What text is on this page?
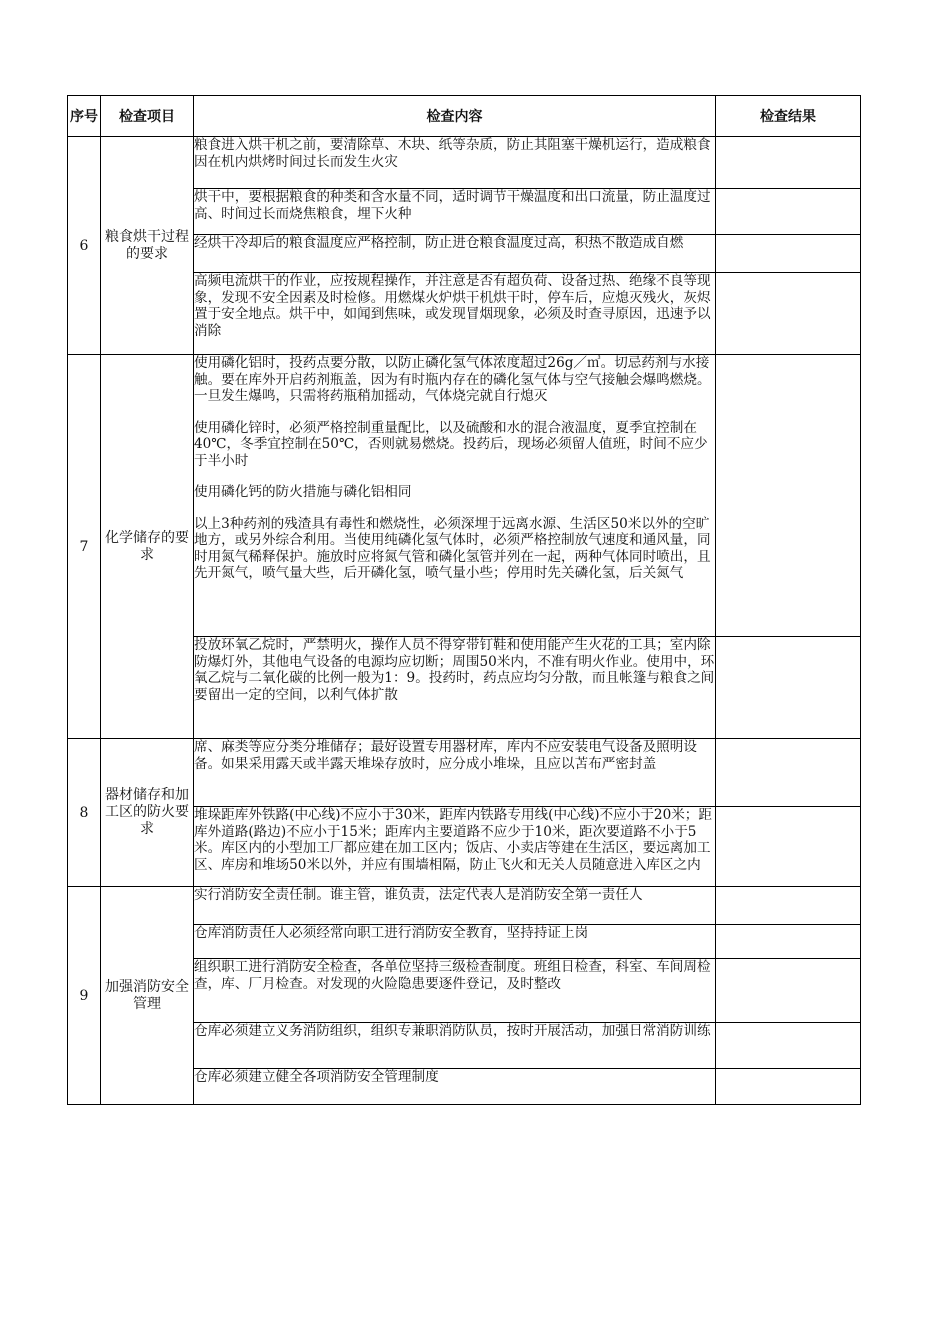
序号	检查项目	检查内容	检查结果
6	粮食烘干过程的要求	粮食进入烘干机之前，要清除草、木块、纸等杂质，防止其阻塞干燥机运行，造成粮食因在机内烘烤时间过长而发生火灾	

		烘干中，要根据粮食的种类和含水量不同，适时调节干燥温度和出口流量，防止温度过高、时间过长而烧焦粮食，埋下火种	

		经烘干冷却后的粮食温度应严格控制，防止进仓粮食温度过高，积热不散造成自燃	

		高频电流烘干的作业，应按规程操作，并注意是否有超负荷、设备过热、绝缘不良等现象，发现不安全因素及时检修。用燃煤火炉烘干机烘干时，停车后，应熄灭残火，灰烬置于安全地点。烘干中，如闻到焦味，或发现冒烟现象，必须及时查寻原因，迅速予以消除	

7	化学储存的要求	使用磷化铝时，投药点要分散，以防止磷化氢气体浓度超过26g／㎥。切忌药剂与水接触。要在库外开启药剂瓶盖，因为有时瓶内存在的磷化氢气体与空气接触会爆鸣燃烧。一旦发生爆鸣，只需将药瓶稍加摇动，气体烧完就自行熄灭
使用磷化锌时，必须严格控制重量配比，以及硫酸和水的混合液温度，夏季宜控制在40℃，冬季宜控制在50℃，否则就易燃烧。投药后，现场必须留人值班，时间不应少于半小时
使用磷化钙的防火措施与磷化铝相同
以上3种药剂的残渣具有毒性和燃烧性，必须深埋于远离水源、生活区50米以外的空旷地方，或另外综合利用。当使用纯磷化氢气体时，必须严格控制放气速度和通风量，同时用氮气稀释保护。施放时应将氮气管和磷化氢管并列在一起，两种气体同时喷出，且先开氮气，喷气量大些，后开磷化氢，喷气量小些；停用时先关磷化氢，后关氮气	

		投放环氧乙烷时，严禁明火，操作人员不得穿带钉鞋和使用能产生火花的工具；室内除防爆灯外，其他电气设备的电源均应切断；周围50米内，不准有明火作业。使用中，环氧乙烷与二氧化碳的比例一般为1：9。投药时，药点应均匀分散，而且帐篷与粮食之间要留出一定的空间，以利气体扩散	

8	器材储存和加工区的防火要求	席、麻类等应分类分堆储存；最好设置专用器材库，库内不应安装电气设备及照明设备。如果采用露天或半露天堆垛存放时，应分成小堆垛，且应以苫布严密封盖	

		堆垛距库外铁路(中心线)不应小于30米，距库内铁路专用线(中心线)不应小于20米；距库外道路(路边)不应小于15米；距库内主要道路不应少于10米，距次要道路不小于5米。库区内的小型加工厂都应建在加工区内；饭店、小卖店等建在生活区，要远离加工区、库房和堆场50米以外，并应有围墙相隔，防止飞火和无关人员随意进入库区之内	

9	加强消防安全管理	实行消防安全责任制。谁主管，谁负责，法定代表人是消防安全第一责任人	

		仓库消防责任人必须经常向职工进行消防安全教育，坚持持证上岗	

		组织职工进行消防安全检查，各单位坚持三级检查制度。班组日检查，科室、车间周检查，库、厂月检查。对发现的火险隐患要逐件登记，及时整改	

		仓库必须建立义务消防组织，组织专兼职消防队员，按时开展活动，加强日常消防训练	

		仓库必须建立健全各项消防安全管理制度	
